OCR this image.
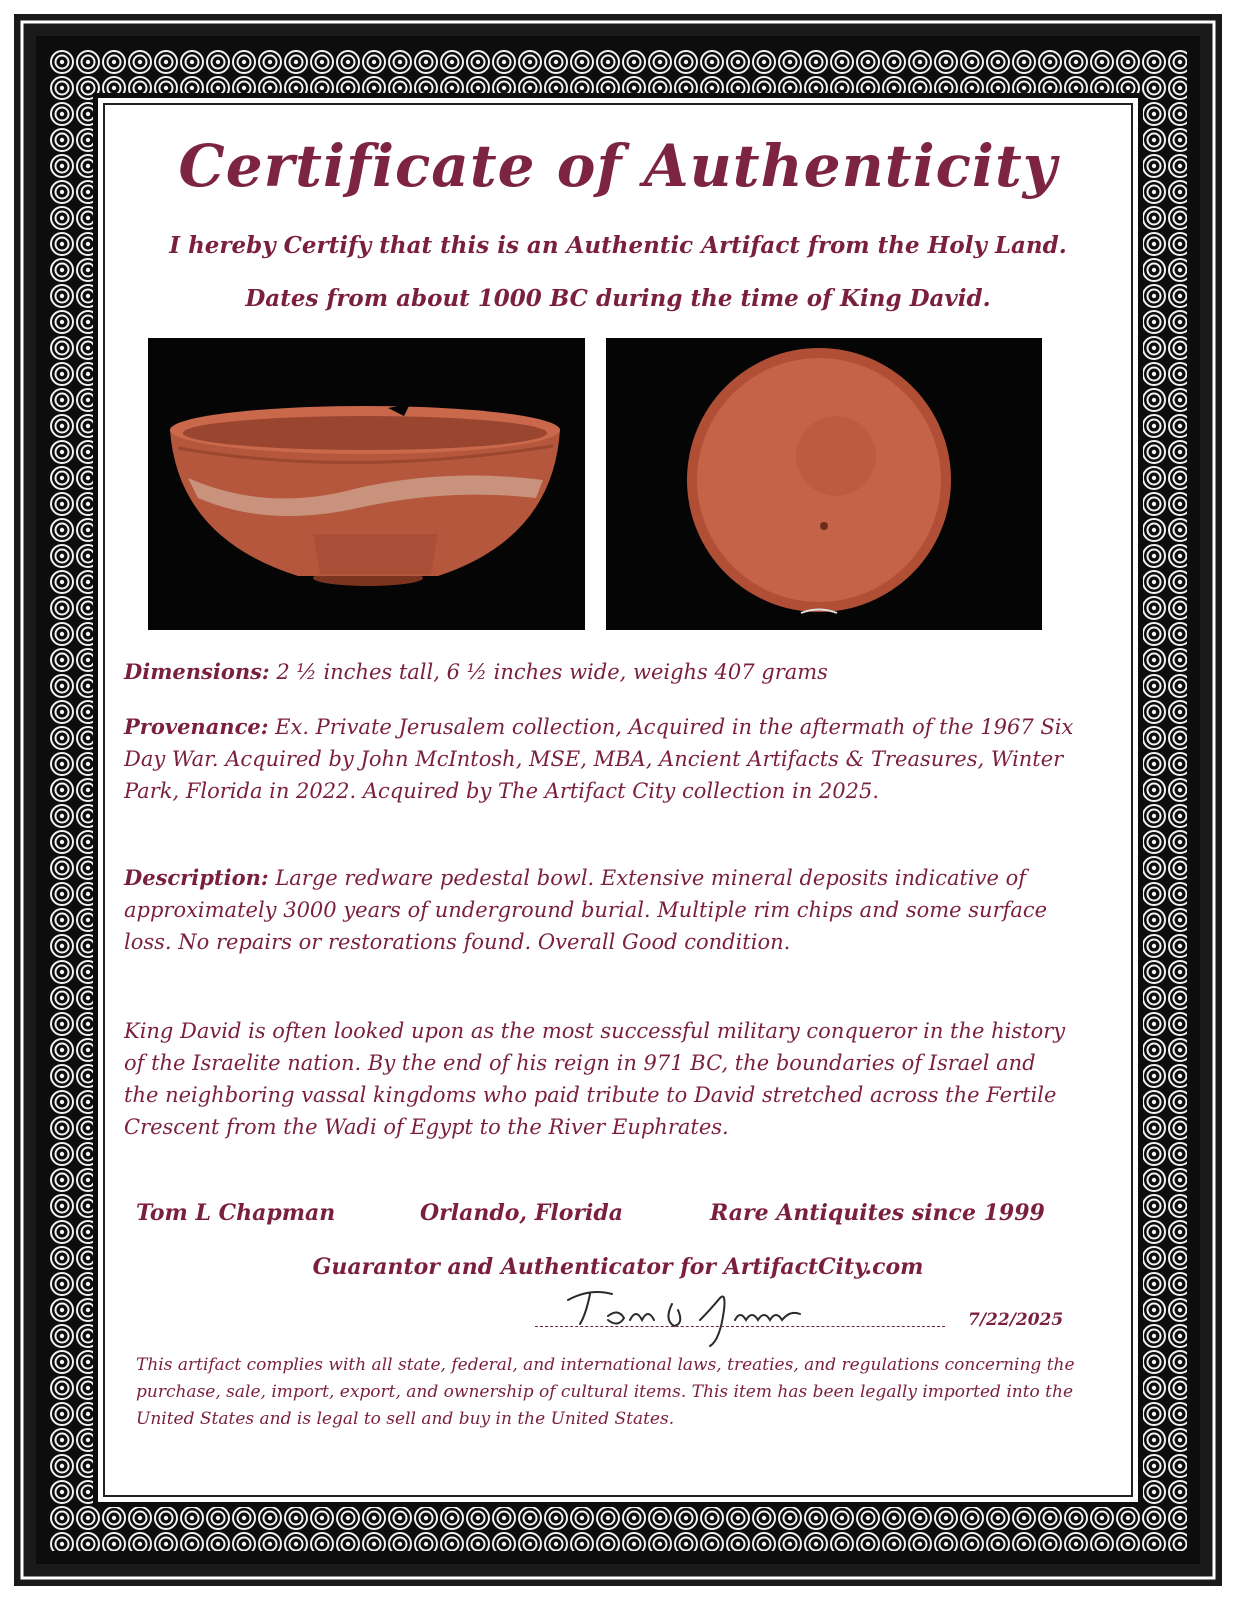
Certificate of Authenticity

I hereby Certify that this is an Authentic Artifact from the Holy Land.

Dates from about 1000 BC during the time of King David.

Dimensions: 2 ½ inches tall, 6 ½ inches wide, weighs 407 grams

Provenance: Ex. Private Jerusalem collection, Acquired in the aftermath of the 1967 Six Day War. Acquired by John McIntosh, MSE, MBA, Ancient Artifacts & Treasures, Winter Park, Florida in 2022. Acquired by The Artifact City collection in 2025.

Description: Large redware pedestal bowl. Extensive mineral deposits indicative of approximately 3000 years of underground burial. Multiple rim chips and some surface loss. No repairs or restorations found. Overall Good condition.

King David is often looked upon as the most successful military conqueror in the history of the Israelite nation. By the end of his reign in 971 BC, the boundaries of Israel and the neighboring vassal kingdoms who paid tribute to David stretched across the Fertile Crescent from the Wadi of Egypt to the River Euphrates.

Tom L Chapman	Orlando, Florida	Rare Antiquites since 1999

Guarantor and Authenticator for ArtifactCity.com

7/22/2025

This artifact complies with all state, federal, and international laws, treaties, and regulations concerning the purchase, sale, import, export, and ownership of cultural items. This item has been legally imported into the United States and is legal to sell and buy in the United States.
